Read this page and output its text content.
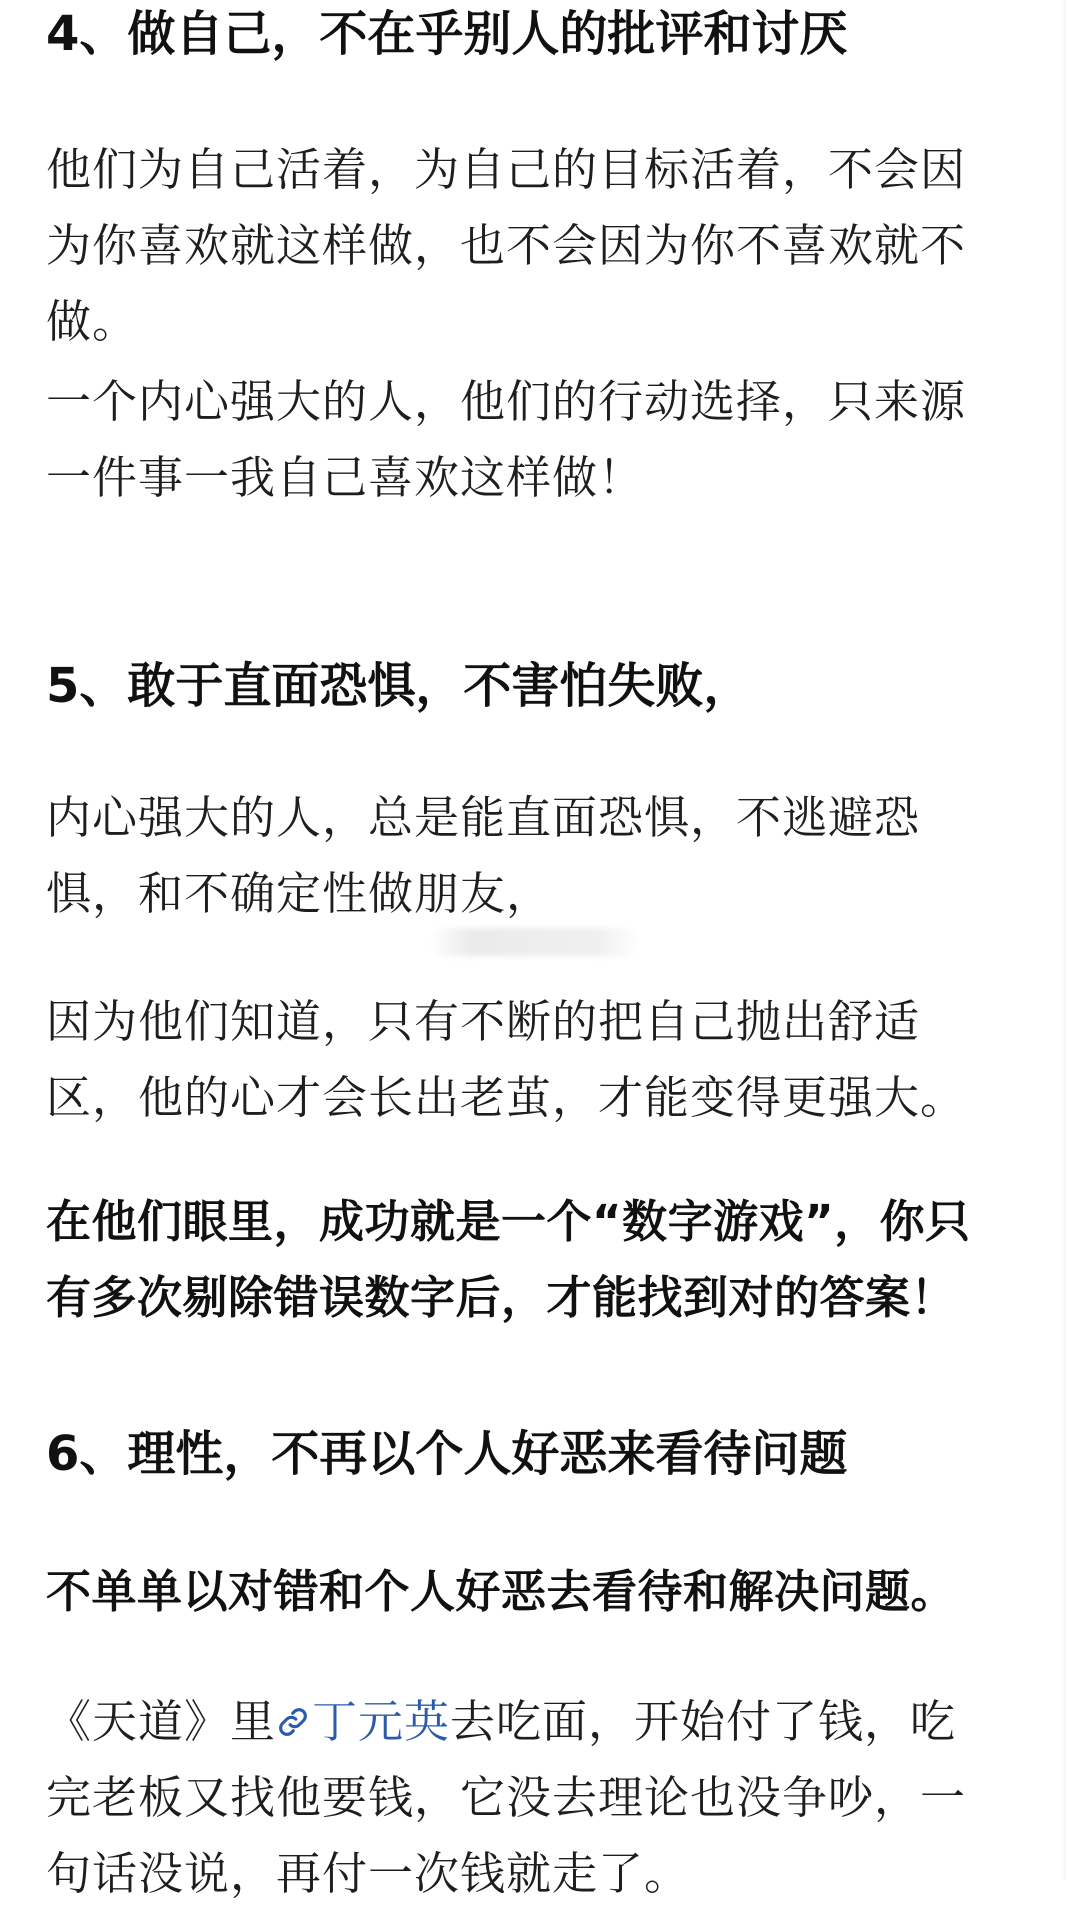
4、做自己，不在乎别人的批评和讨厌

他们为自己活着，为自己的目标活着，不会因为你喜欢就这样做，也不会因为你不喜欢就不做。

一个内心强大的人，他们的行动选择，只来源一件事一我自己喜欢这样做！

5、敢于直面恐惧，不害怕失败，

内心强大的人，总是能直面恐惧，不逃避恐惧，和不确定性做朋友，

因为他们知道，只有不断的把自己抛出舒适区，他的心才会长出老茧，才能变得更强大。

在他们眼里，成功就是一个“数字游戏”，你只有多次剔除错误数字后，才能找到对的答案！

6、理性，不再以个人好恶来看待问题

不单单以对错和个人好恶去看待和解决问题。

《天道》里 丁元英去吃面，开始付了钱，吃完老板又找他要钱，它没去理论也没争吵，一句话没说，再付一次钱就走了。
